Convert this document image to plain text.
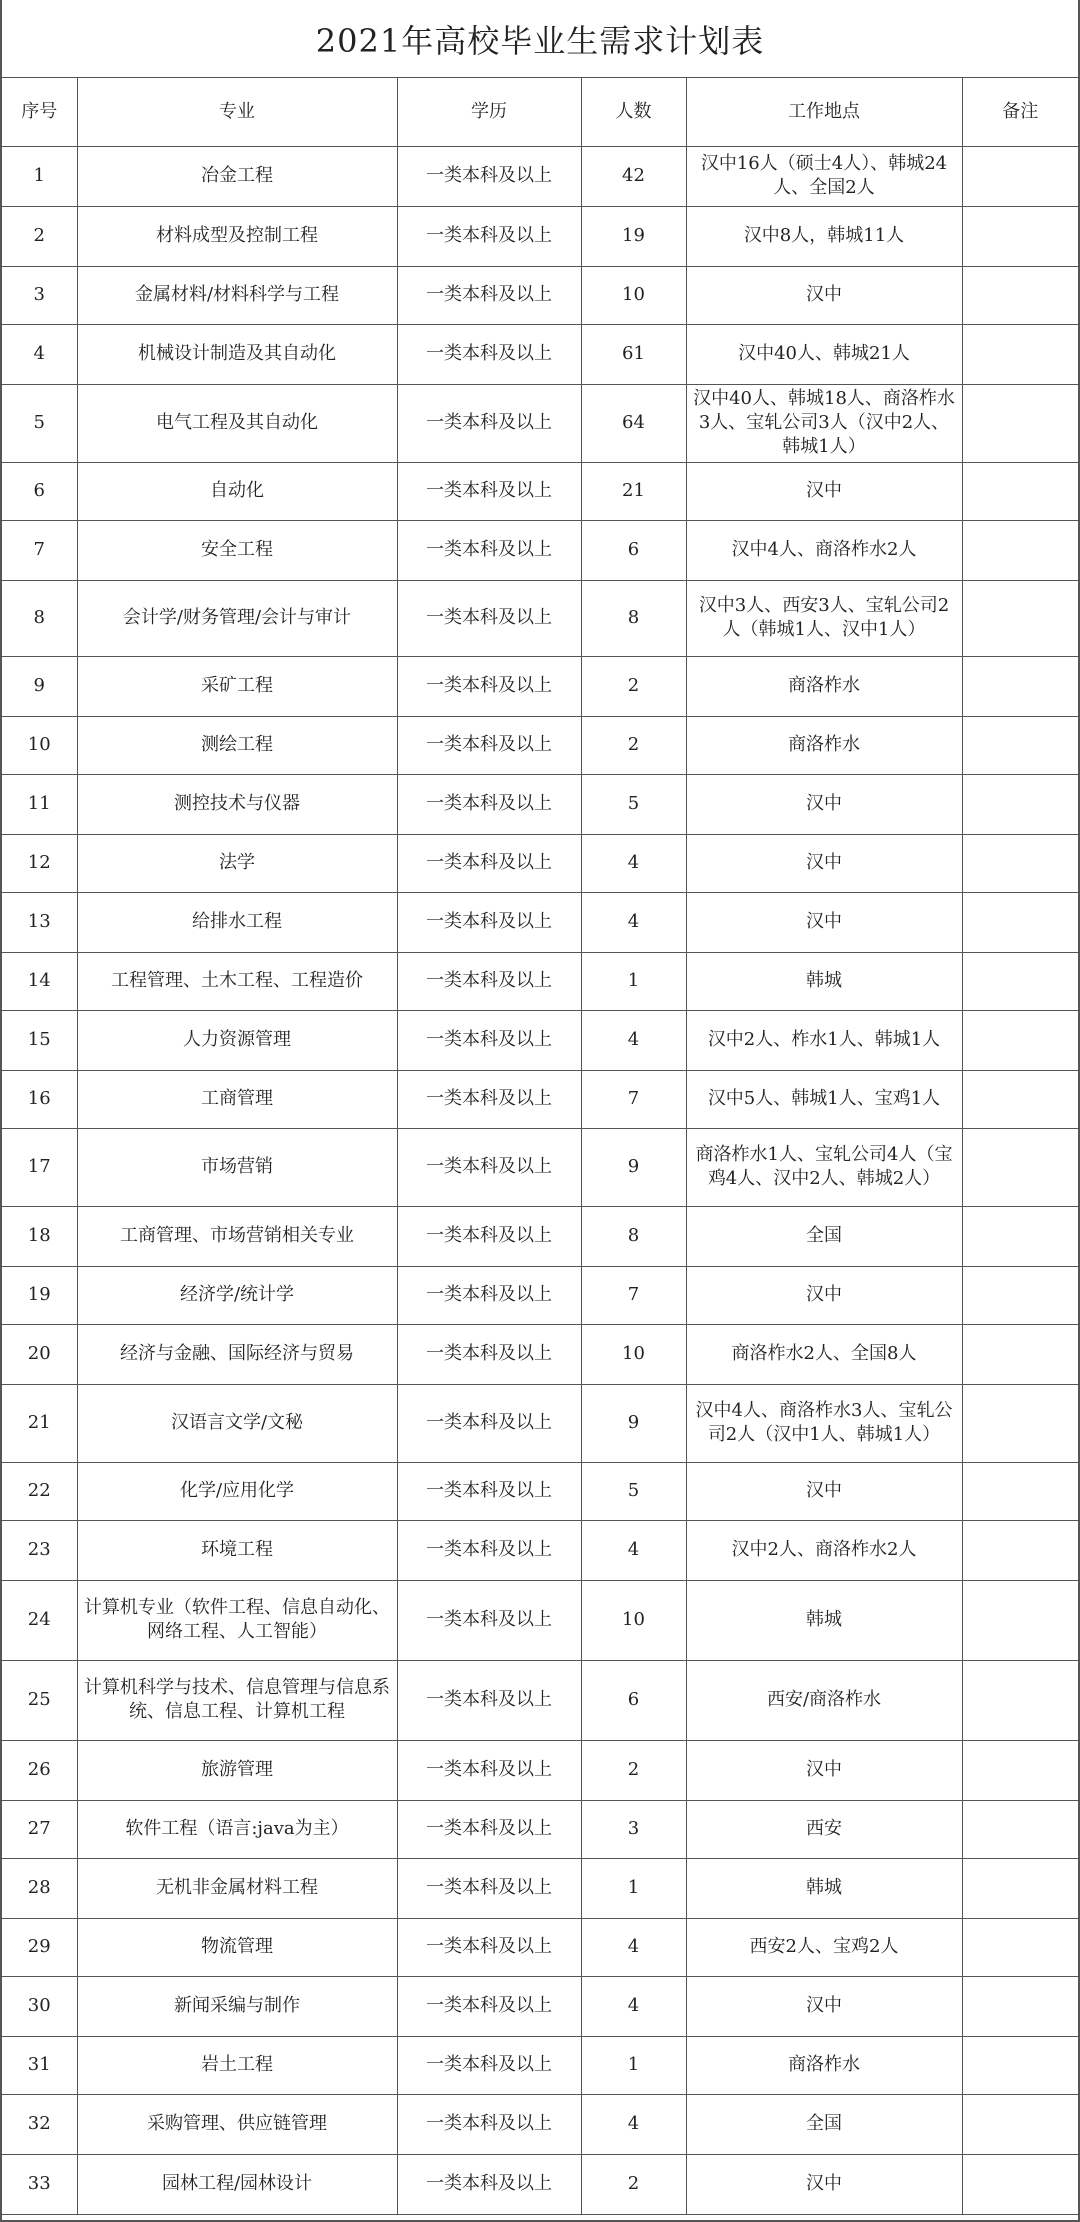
2021年高校毕业生需求计划表
序号	专业	学历	人数	工作地点	备注
1	冶金工程	一类本科及以上	42	汉中16人（硕士4人）、韩城24人、全国2人	
2	材料成型及控制工程	一类本科及以上	19	汉中8人，韩城11人	
3	金属材料/材料科学与工程	一类本科及以上	10	汉中	
4	机械设计制造及其自动化	一类本科及以上	61	汉中40人、韩城21人	
5	电气工程及其自动化	一类本科及以上	64	汉中40人、韩城18人、商洛柞水3人、宝轧公司3人（汉中2人、韩城1人）	
6	自动化	一类本科及以上	21	汉中	
7	安全工程	一类本科及以上	6	汉中4人、商洛柞水2人	
8	会计学/财务管理/会计与审计	一类本科及以上	8	汉中3人、西安3人、宝轧公司2人（韩城1人、汉中1人）	
9	采矿工程	一类本科及以上	2	商洛柞水	
10	测绘工程	一类本科及以上	2	商洛柞水	
11	测控技术与仪器	一类本科及以上	5	汉中	
12	法学	一类本科及以上	4	汉中	
13	给排水工程	一类本科及以上	4	汉中	
14	工程管理、土木工程、工程造价	一类本科及以上	1	韩城	
15	人力资源管理	一类本科及以上	4	汉中2人、柞水1人、韩城1人	
16	工商管理	一类本科及以上	7	汉中5人、韩城1人、宝鸡1人	
17	市场营销	一类本科及以上	9	商洛柞水1人、宝轧公司4人（宝鸡4人、汉中2人、韩城2人）	
18	工商管理、市场营销相关专业	一类本科及以上	8	全国	
19	经济学/统计学	一类本科及以上	7	汉中	
20	经济与金融、国际经济与贸易	一类本科及以上	10	商洛柞水2人、全国8人	
21	汉语言文学/文秘	一类本科及以上	9	汉中4人、商洛柞水3人、宝轧公司2人（汉中1人、韩城1人）	
22	化学/应用化学	一类本科及以上	5	汉中	
23	环境工程	一类本科及以上	4	汉中2人、商洛柞水2人	
24	计算机专业（软件工程、信息自动化、网络工程、人工智能）	一类本科及以上	10	韩城	
25	计算机科学与技术、信息管理与信息系统、信息工程、计算机工程	一类本科及以上	6	西安/商洛柞水	
26	旅游管理	一类本科及以上	2	汉中	
27	软件工程（语言:java为主）	一类本科及以上	3	西安	
28	无机非金属材料工程	一类本科及以上	1	韩城	
29	物流管理	一类本科及以上	4	西安2人、宝鸡2人	
30	新闻采编与制作	一类本科及以上	4	汉中	
31	岩土工程	一类本科及以上	1	商洛柞水	
32	采购管理、供应链管理	一类本科及以上	4	全国	
33	园林工程/园林设计	一类本科及以上	2	汉中	
